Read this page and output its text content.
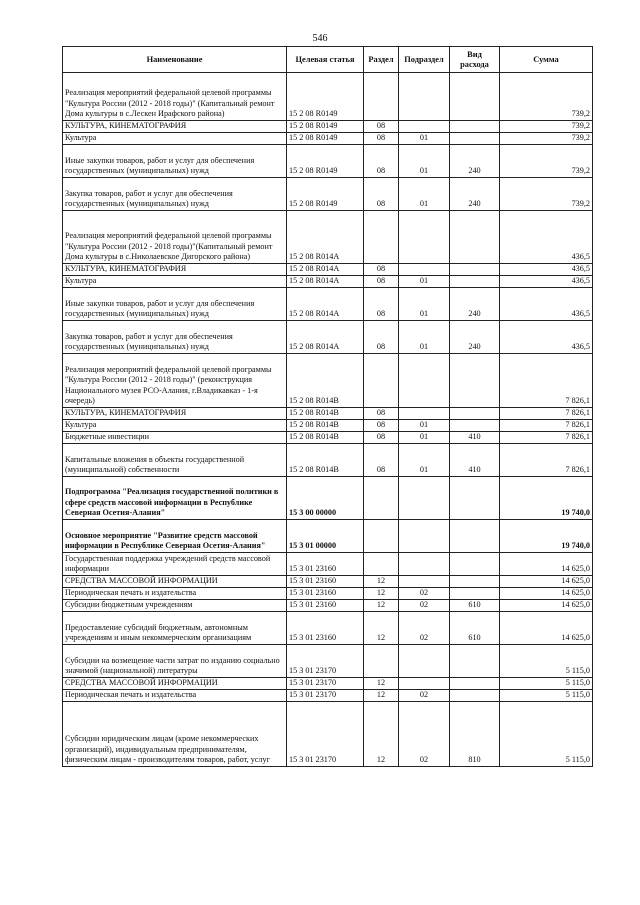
546
Наименование	Целевая статья	Раздел	Подраздел	Вид расхода	Сумма
Реализация мероприятий федеральной целевой программы "Культура России (2012 - 2018 годы)" (Капитальный ремонт Дома культуры в с.Лескен Ирафского района)	15 2 08 R0149				739,2
КУЛЬТУРА, КИНЕМАТОГРАФИЯ	15 2 08 R0149	08			739,2
Культура	15 2 08 R0149	08	01		739,2
Иные закупки товаров, работ и услуг для обеспечения государственных (муниципальных) нужд	15 2 08 R0149	08	01	240	739,2
Закупка товаров, работ и услуг для обеспечения государственных (муниципальных) нужд	15 2 08 R0149	08	01	240	739,2
Реализация мероприятий федеральной целевой программы "Культура России (2012 - 2018 годы)"(Капитальный ремонт Дома культуры в с.Николаевское Дигорского района)	15 2 08 R014A				436,5
КУЛЬТУРА, КИНЕМАТОГРАФИЯ	15 2 08 R014A	08			436,5
Культура	15 2 08 R014A	08	01		436,5
Иные закупки товаров, работ и услуг для обеспечения государственных (муниципальных) нужд	15 2 08 R014A	08	01	240	436,5
Закупка товаров, работ и услуг для обеспечения государственных (муниципальных) нужд	15 2 08 R014A	08	01	240	436,5
Реализация мероприятий федеральной целевой программы "Культура России (2012 - 2018 годы)" (реконструкция Национального музея РСО-Алания, г.Владикавказ - 1-я очередь)	15 2 08 R014B				7 826,1
КУЛЬТУРА, КИНЕМАТОГРАФИЯ	15 2 08 R014B	08			7 826,1
Культура	15 2 08 R014B	08	01		7 826,1
Бюджетные инвестиции	15 2 08 R014B	08	01	410	7 826,1
Капитальные вложения в объекты государственной (муниципальной) собственности	15 2 08 R014B	08	01	410	7 826,1
Подпрограмма "Реализация государственной политики в сфере средств массовой информации в Республике Северная Осетия-Алания"	15 3 00 00000				19 740,0
Основное мероприятие "Развитие средств массовой информации в Республике Северная Осетия-Алания"	15 3 01 00000				19 740,0
Государственная поддержка учреждений средств массовой информации	15 3 01 23160				14 625,0
СРЕДСТВА МАССОВОЙ ИНФОРМАЦИИ	15 3 01 23160	12			14 625,0
Периодическая печать и издательства	15 3 01 23160	12	02		14 625,0
Субсидии бюджетным учреждениям	15 3 01 23160	12	02	610	14 625,0
Предоставление субсидий бюджетным, автономным учреждениям и иным некоммерческим организациям	15 3 01 23160	12	02	610	14 625,0
Субсидии на возмещение части затрат по изданию социально значимой (национальной) литературы	15 3 01 23170				5 115,0
СРЕДСТВА МАССОВОЙ ИНФОРМАЦИИ	15 3 01 23170	12			5 115,0
Периодическая печать и издательства	15 3 01 23170	12	02		5 115,0
Субсидии юридическим лицам (кроме некоммерческих организаций), индивидуальным предпринимателям, физическим лицам - производителям товаров, работ, услуг	15 3 01 23170	12	02	810	5 115,0
